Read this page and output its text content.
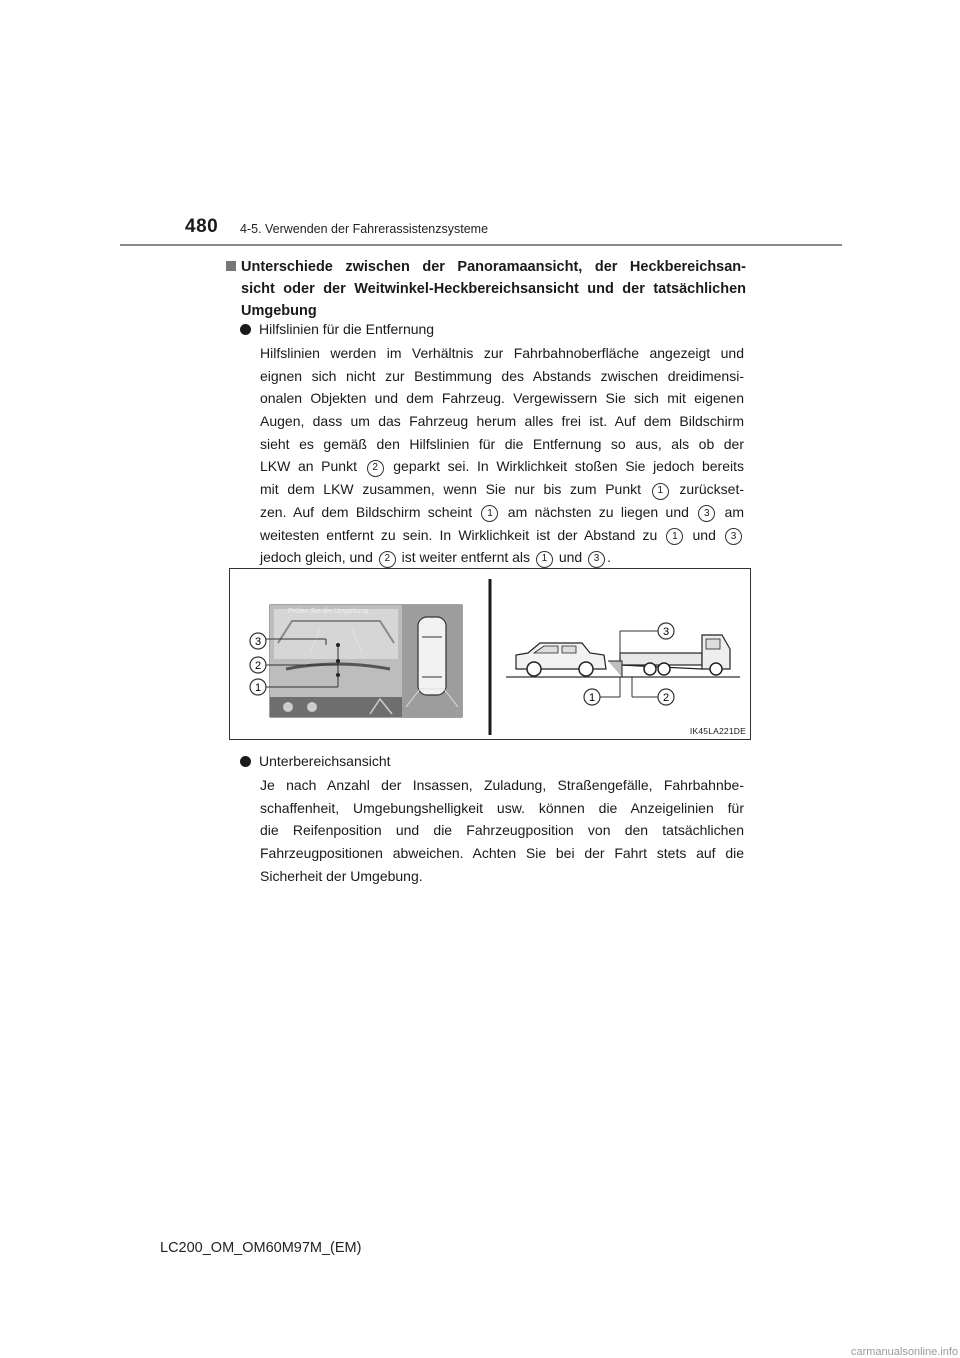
480 4-5. Verwenden der Fahrerassistenzsysteme
Unterschiede zwischen der Panoramaansicht, der Heckbereichsan-
sicht oder der Weitwinkel-Heckbereichsansicht und der tatsächlichen
Umgebung
Hilfslinien für die Entfernung
Hilfslinien werden im Verhältnis zur Fahrbahnoberfläche angezeigt und
eignen sich nicht zur Bestimmung des Abstands zwischen dreidimensi-
onalen Objekten und dem Fahrzeug. Vergewissern Sie sich mit eigenen
Augen, dass um das Fahrzeug herum alles frei ist. Auf dem Bildschirm
sieht es gemäß den Hilfslinien für die Entfernung so aus, als ob der
LKW an Punkt 2 geparkt sei. In Wirklichkeit stoßen Sie jedoch bereits
mit dem LKW zusammen, wenn Sie nur bis zum Punkt 1 zurückset-
zen. Auf dem Bildschirm scheint 1 am nächsten zu liegen und 3 am
weitesten entfernt zu sein. In Wirklichkeit ist der Abstand zu 1 und 3
jedoch gleich, und 2 ist weiter entfernt als 1 und 3 .
Prüfen Sie die Umgebung.
3
2
1
3
1	2
IK45LA221DE
Unterbereichsansicht
Je nach Anzahl der Insassen, Zuladung, Straßengefälle, Fahrbahnbe-
schaffenheit, Umgebungshelligkeit usw. können die Anzeigelinien für
die Reifenposition und die Fahrzeugposition von den tatsächlichen
Fahrzeugpositionen abweichen. Achten Sie bei der Fahrt stets auf die
Sicherheit der Umgebung.
LC200_OM_OM60M97M_(EM)
carmanualsonline.info
